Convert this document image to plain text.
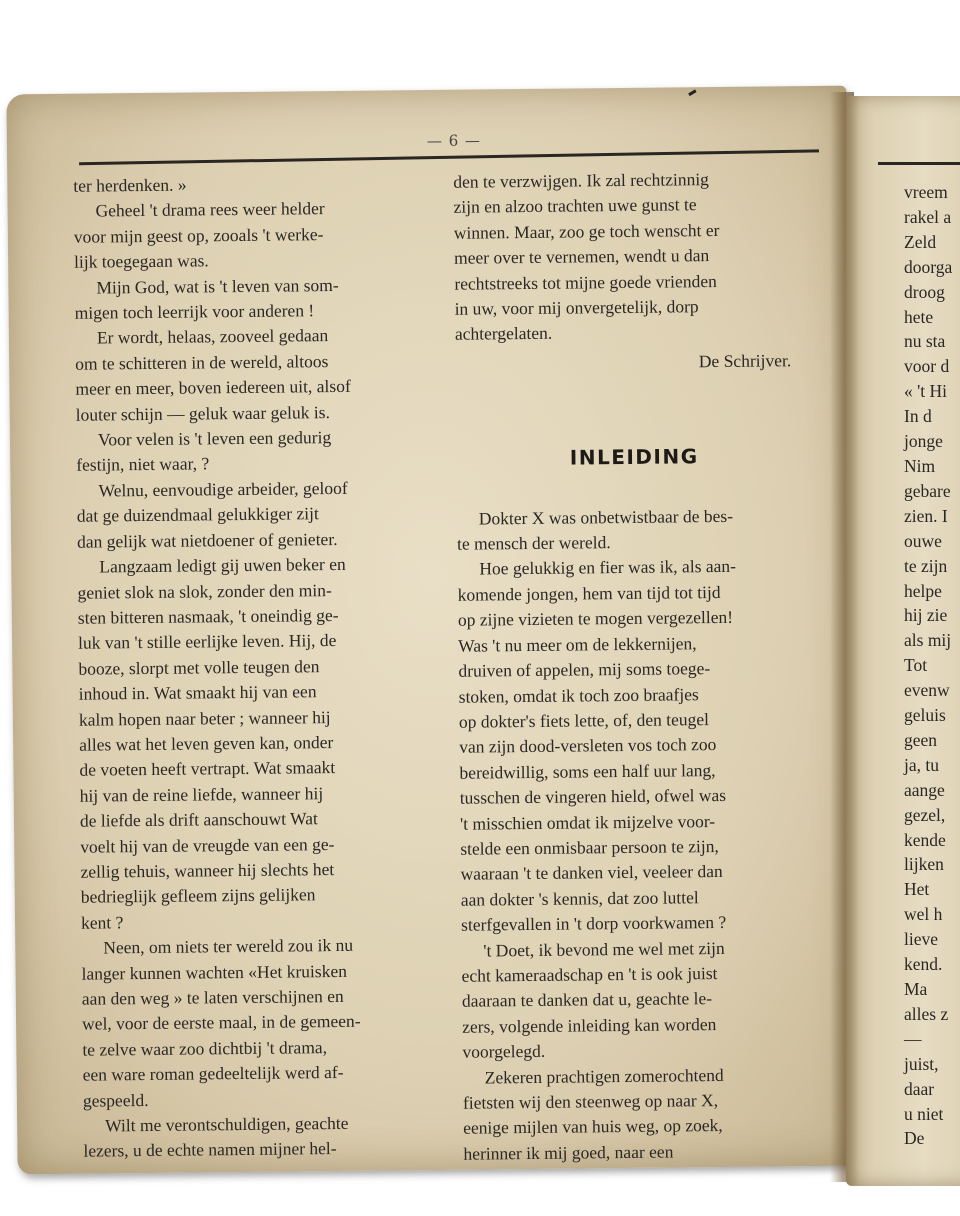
— 6 —
ter herdenken. »
Geheel 't drama rees weer helder
voor mijn geest op, zooals 't werke-
lijk toegegaan was.
Mijn God, wat is 't leven van som-
migen toch leerrijk voor anderen !
Er wordt, helaas, zooveel gedaan
om te schitteren in de wereld, altoos
meer en meer, boven iedereen uit, alsof
louter schijn — geluk waar geluk is.
Voor velen is 't leven een gedurig
festijn, niet waar, ?
Welnu, eenvoudige arbeider, geloof
dat ge duizendmaal gelukkiger zijt
dan gelijk wat nietdoener of genieter.
Langzaam ledigt gij uwen beker en
geniet slok na slok, zonder den min-
sten bitteren nasmaak, 't oneindig ge-
luk van 't stille eerlijke leven. Hij, de
booze, slorpt met volle teugen den
inhoud in. Wat smaakt hij van een
kalm hopen naar beter ; wanneer hij
alles wat het leven geven kan, onder
de voeten heeft vertrapt. Wat smaakt
hij van de reine liefde, wanneer hij
de liefde als drift aanschouwt Wat
voelt hij van de vreugde van een ge-
zellig tehuis, wanneer hij slechts het
bedrieglijk gefleem zijns gelijken
kent ?
Neen, om niets ter wereld zou ik nu
langer kunnen wachten «Het kruisken
aan den weg » te laten verschijnen en
wel, voor de eerste maal, in de gemeen-
te zelve waar zoo dichtbij 't drama,
een ware roman gedeeltelijk werd af-
gespeeld.
Wilt me verontschuldigen, geachte
lezers, u de echte namen mijner hel-
den te verzwijgen. Ik zal rechtzinnig
zijn en alzoo trachten uwe gunst te
winnen. Maar, zoo ge toch wenscht er
meer over te vernemen, wendt u dan
rechtstreeks tot mijne goede vrienden
in uw, voor mij onvergetelijk, dorp
achtergelaten.
De Schrijver.
INLEIDING
Dokter X was onbetwistbaar de bes-
te mensch der wereld.
Hoe gelukkig en fier was ik, als aan-
komende jongen, hem van tijd tot tijd
op zijne vizieten te mogen vergezellen!
Was 't nu meer om de lekkernijen,
druiven of appelen, mij soms toege-
stoken, omdat ik toch zoo braafjes
op dokter's fiets lette, of, den teugel
van zijn dood-versleten vos toch zoo
bereidwillig, soms een half uur lang,
tusschen de vingeren hield, ofwel was
't misschien omdat ik mijzelve voor-
stelde een onmisbaar persoon te zijn,
waaraan 't te danken viel, veeleer dan
aan dokter 's kennis, dat zoo luttel
sterfgevallen in 't dorp voorkwamen ?
't Doet, ik bevond me wel met zijn
echt kameraadschap en 't is ook juist
daaraan te danken dat u, geachte le-
zers, volgende inleiding kan worden
voorgelegd.
Zekeren prachtigen zomerochtend
fietsten wij den steenweg op naar X,
eenige mijlen van huis weg, op zoek,
herinner ik mij goed, naar een
vreem
rakel a
Zeld
doorga
droog
hete
nu sta
voor d
« 't Hi
In d
jonge
Nim
gebare
zien. I
ouwe
te zijn
helpe
hij zie
als mij
Tot
evenw
geluis
geen
ja, tu
aange
gezel,
kende
lijken
Het
wel h
lieve
kend.
Ma
alles z
—
juist,
daar
u niet
De
